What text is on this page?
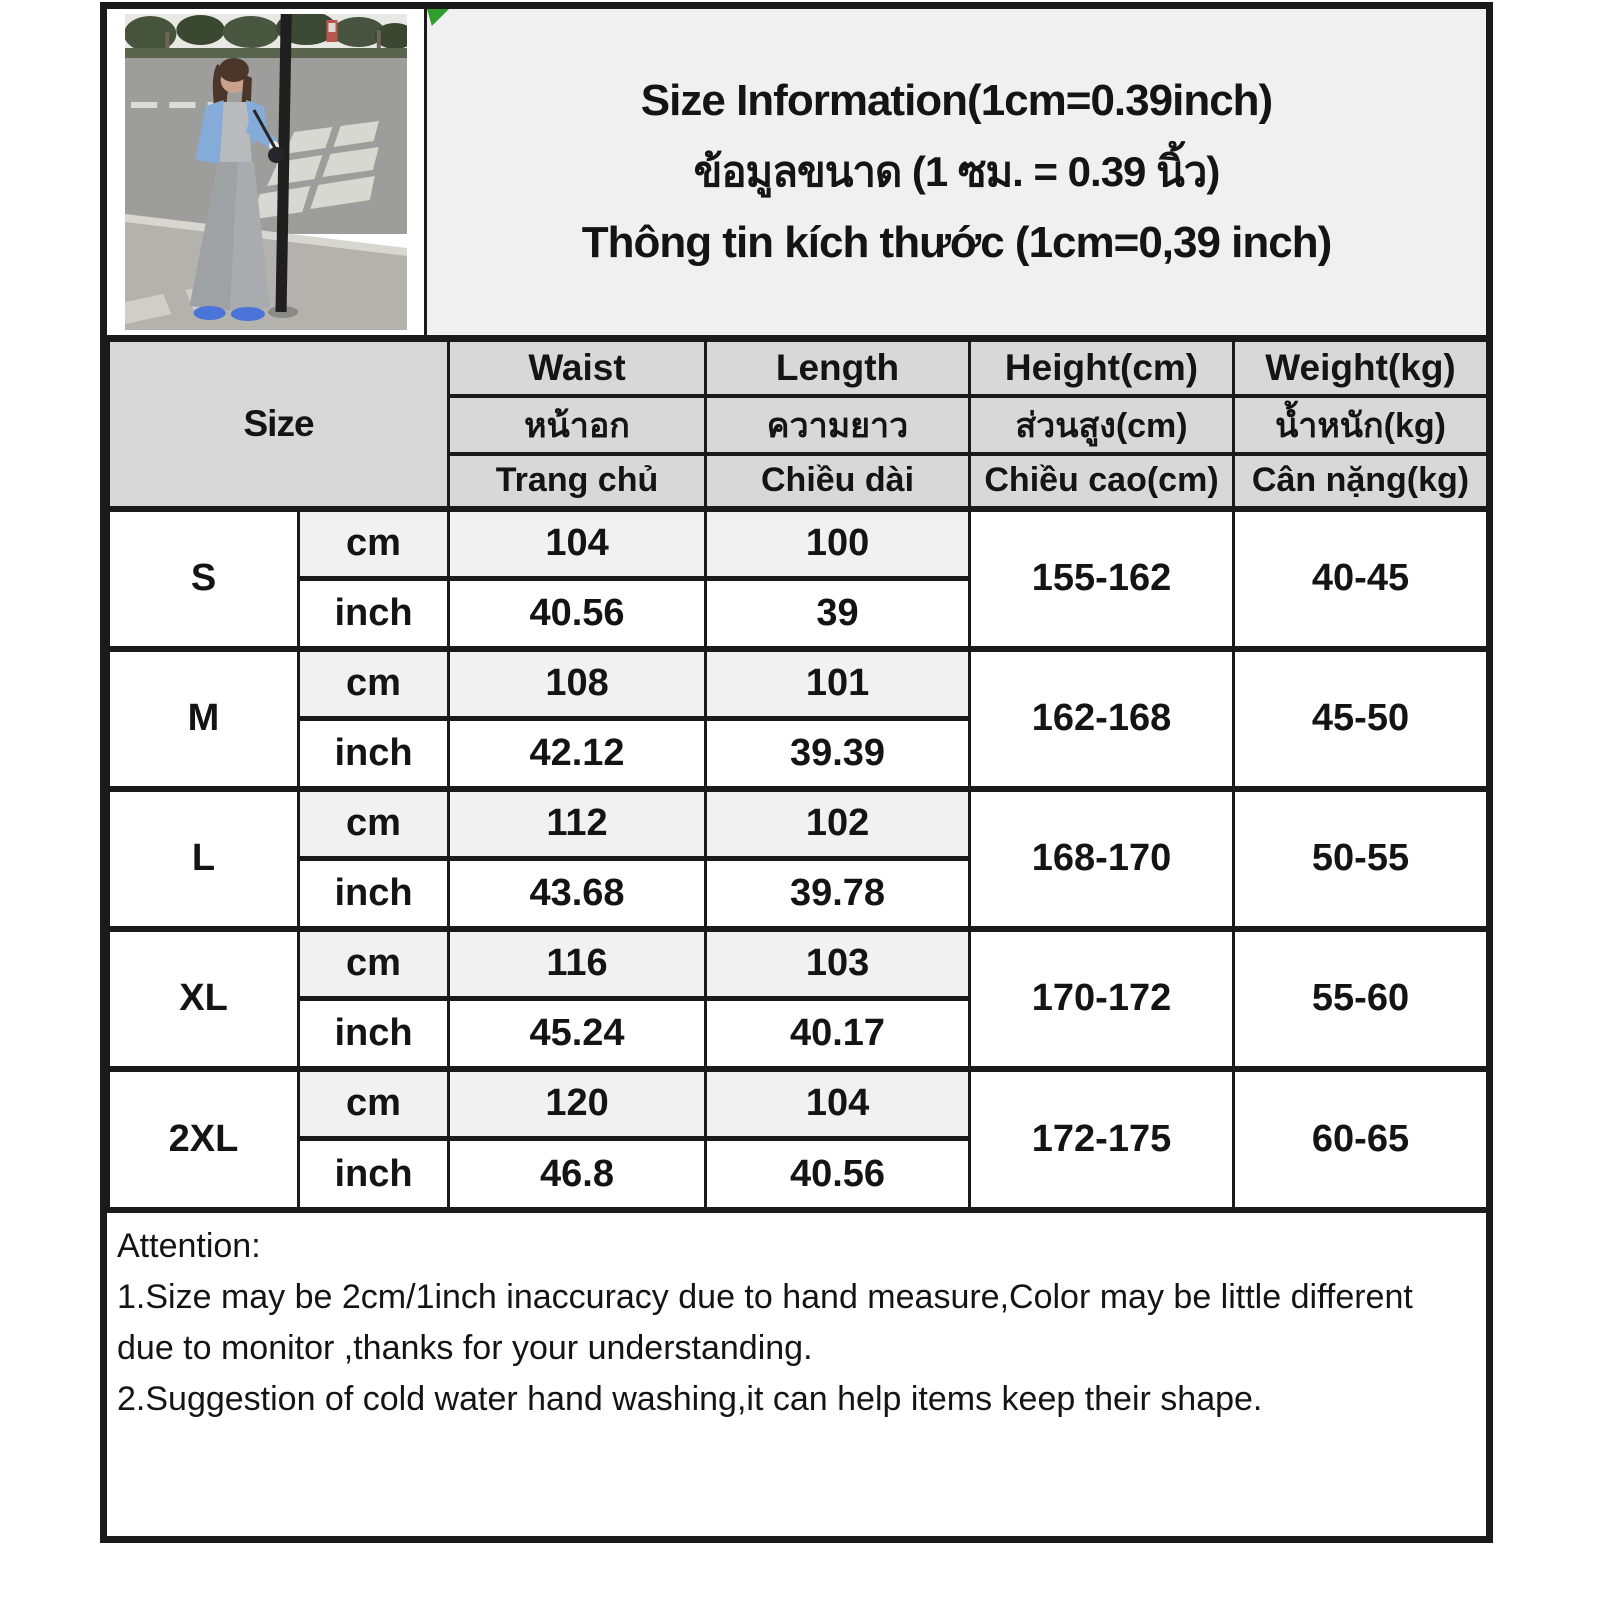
Size Information(1cm=0.39inch)
ข้อมูลขนาด (1 ซม. = 0.39 นิ้ว)
Thông tin kích thước (1cm=0,39 inch)
Size		Waist	Length	Height(cm)	Weight(kg)
		หน้าอก	ความยาว	ส่วนสูง(cm)	น้ำหนัก(kg)
		Trang chủ	Chiều dài	Chiều cao(cm)	Cân nặng(kg)
S	cm	104	100	155-162	40-45
	inch	40.56	39		
M	cm	108	101	162-168	45-50
	inch	42.12	39.39		
L	cm	112	102	168-170	50-55
	inch	43.68	39.78		
XL	cm	116	103	170-172	55-60
	inch	45.24	40.17		
2XL	cm	120	104	172-175	60-65
	inch	46.8	40.56		
Attention:
1.Size may be 2cm/1inch inaccuracy due to hand measure,Color may be little different due to monitor ,thanks for your understanding.
2.Suggestion of cold water hand washing,it can help items keep their shape.
